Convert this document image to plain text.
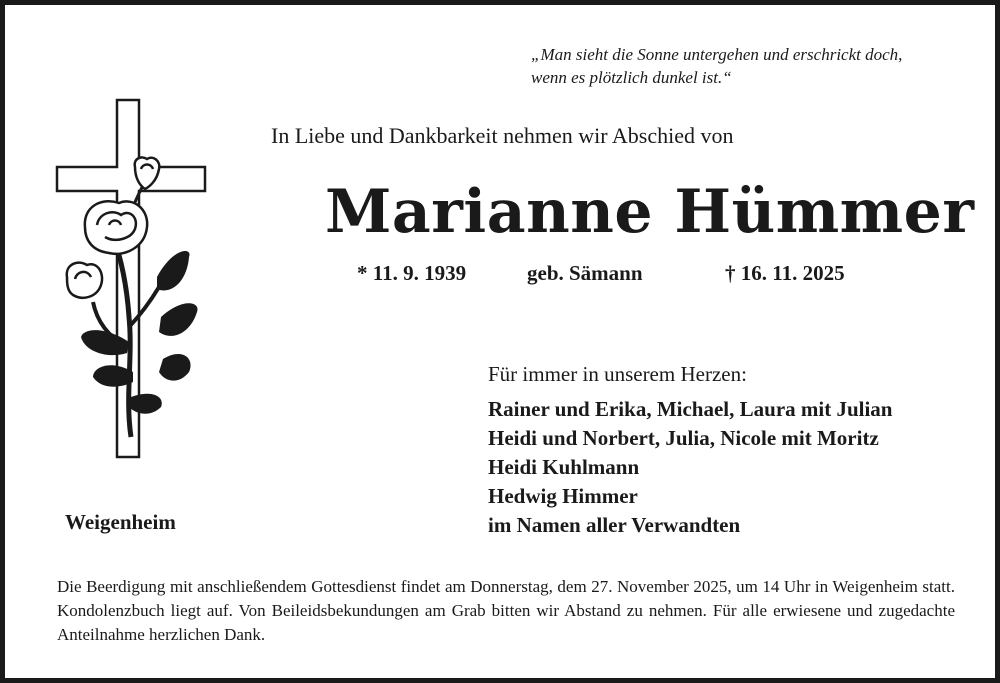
„Man sieht die Sonne untergehen und erschrickt doch,
wenn es plötzlich dunkel ist.“
In Liebe und Dankbarkeit nehmen wir Abschied von
Marianne Hümmer
* 11. 9. 1939	geb. Sämann	† 16. 11. 2025
Für immer in unserem Herzen:
Rainer und Erika, Michael, Laura mit Julian
Heidi und Norbert, Julia, Nicole mit Moritz
Heidi Kuhlmann
Hedwig Himmer
im Namen aller Verwandten
Weigenheim
Die Beerdigung mit anschließendem Gottesdienst findet am Donnerstag, dem 27. November 2025, um 14 Uhr in Weigenheim statt. Kondolenzbuch liegt auf. Von Beileidsbekundungen am Grab bitten wir Abstand zu nehmen. Für alle erwiesene und zugedachte Anteilnahme herzlichen Dank.
